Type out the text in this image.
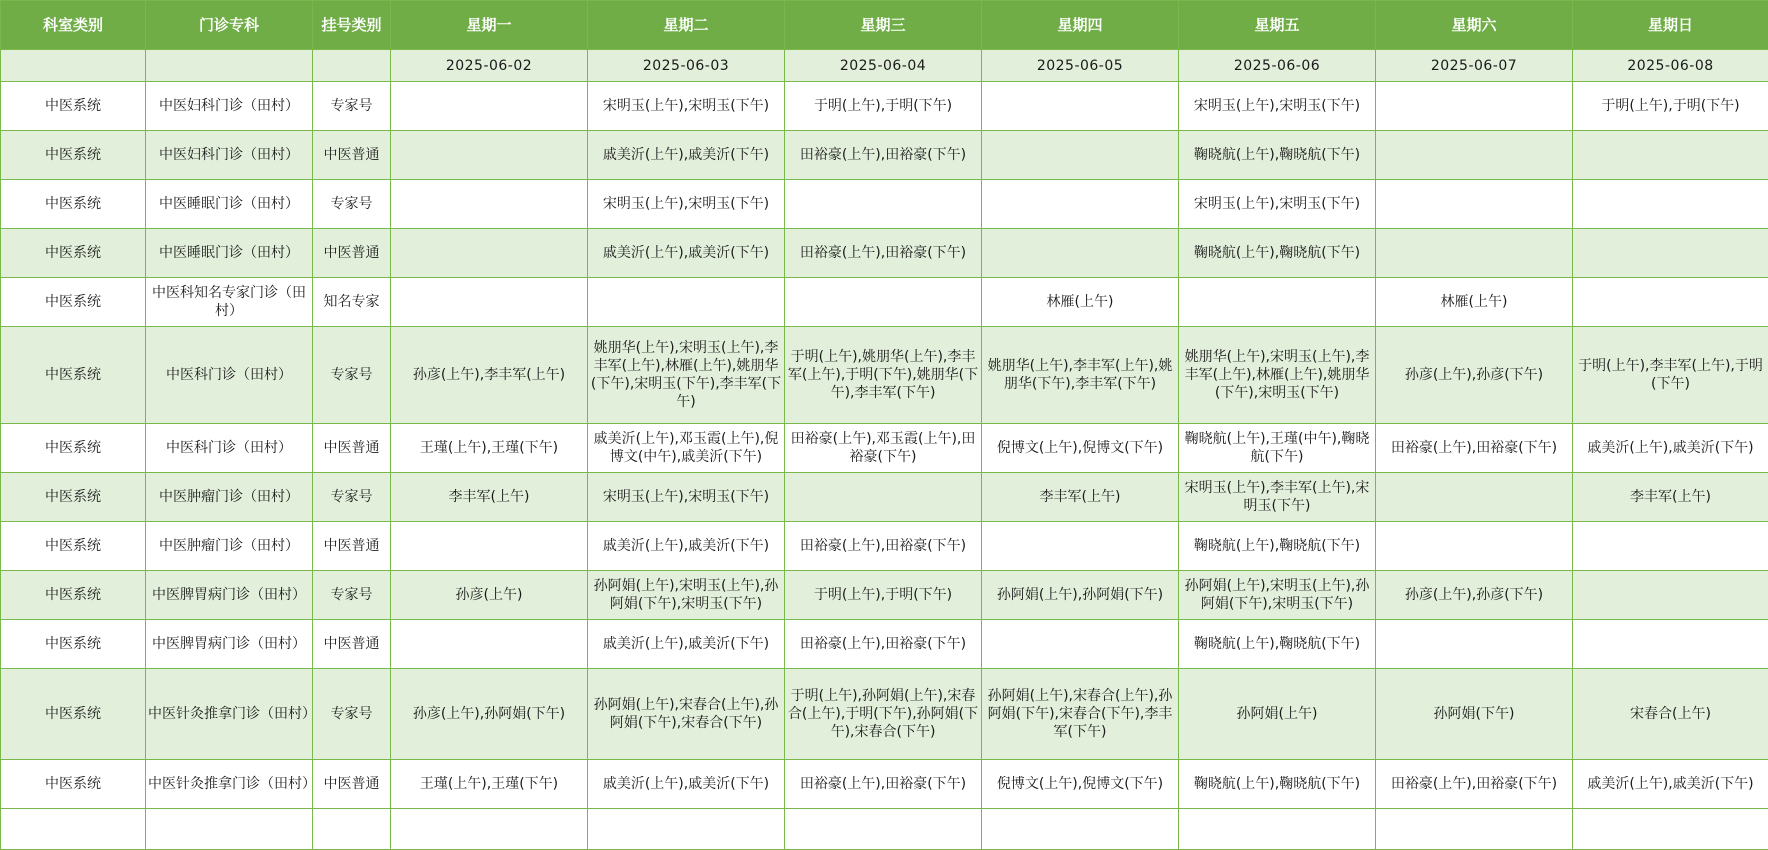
科室类别	门诊专科	挂号类别	星期一	星期二	星期三	星期四	星期五	星期六	星期日
			2025-06-02	2025-06-03	2025-06-04	2025-06-05	2025-06-06	2025-06-07	2025-06-08
中医系统	中医妇科门诊（田村）	专家号		宋明玉(上午),宋明玉(下午)	于明(上午),于明(下午)		宋明玉(上午),宋明玉(下午)		于明(上午),于明(下午)
中医系统	中医妇科门诊（田村）	中医普通		戚美沂(上午),戚美沂(下午)	田裕豪(上午),田裕豪(下午)		鞠晓航(上午),鞠晓航(下午)		
中医系统	中医睡眠门诊（田村）	专家号		宋明玉(上午),宋明玉(下午)			宋明玉(上午),宋明玉(下午)		
中医系统	中医睡眠门诊（田村）	中医普通		戚美沂(上午),戚美沂(下午)	田裕豪(上午),田裕豪(下午)		鞠晓航(上午),鞠晓航(下午)		
中医系统	中医科知名专家门诊（田村）	知名专家				林雁(上午)		林雁(上午)	
中医系统	中医科门诊（田村）	专家号	孙彦(上午),李丰军(上午)	姚朋华(上午),宋明玉(上午),李丰军(上午),林雁(上午),姚朋华(下午),宋明玉(下午),李丰军(下午)	于明(上午),姚朋华(上午),李丰军(上午),于明(下午),姚朋华(下午),李丰军(下午)	姚朋华(上午),李丰军(上午),姚朋华(下午),李丰军(下午)	姚朋华(上午),宋明玉(上午),李丰军(上午),林雁(上午),姚朋华(下午),宋明玉(下午)	孙彦(上午),孙彦(下午)	于明(上午),李丰军(上午),于明(下午)
中医系统	中医科门诊（田村）	中医普通	王瑾(上午),王瑾(下午)	戚美沂(上午),邓玉霞(上午),倪博文(中午),戚美沂(下午)	田裕豪(上午),邓玉霞(上午),田裕豪(下午)	倪博文(上午),倪博文(下午)	鞠晓航(上午),王瑾(中午),鞠晓航(下午)	田裕豪(上午),田裕豪(下午)	戚美沂(上午),戚美沂(下午)
中医系统	中医肿瘤门诊（田村）	专家号	李丰军(上午)	宋明玉(上午),宋明玉(下午)		李丰军(上午)	宋明玉(上午),李丰军(上午),宋明玉(下午)		李丰军(上午)
中医系统	中医肿瘤门诊（田村）	中医普通		戚美沂(上午),戚美沂(下午)	田裕豪(上午),田裕豪(下午)		鞠晓航(上午),鞠晓航(下午)		
中医系统	中医脾胃病门诊（田村）	专家号	孙彦(上午)	孙阿娟(上午),宋明玉(上午),孙阿娟(下午),宋明玉(下午)	于明(上午),于明(下午)	孙阿娟(上午),孙阿娟(下午)	孙阿娟(上午),宋明玉(上午),孙阿娟(下午),宋明玉(下午)	孙彦(上午),孙彦(下午)	
中医系统	中医脾胃病门诊（田村）	中医普通		戚美沂(上午),戚美沂(下午)	田裕豪(上午),田裕豪(下午)		鞠晓航(上午),鞠晓航(下午)		
中医系统	中医针灸推拿门诊（田村）	专家号	孙彦(上午),孙阿娟(下午)	孙阿娟(上午),宋春合(上午),孙阿娟(下午),宋春合(下午)	于明(上午),孙阿娟(上午),宋春合(上午),于明(下午),孙阿娟(下午),宋春合(下午)	孙阿娟(上午),宋春合(上午),孙阿娟(下午),宋春合(下午),李丰军(下午)	孙阿娟(上午)	孙阿娟(下午)	宋春合(上午)
中医系统	中医针灸推拿门诊（田村）	中医普通	王瑾(上午),王瑾(下午)	戚美沂(上午),戚美沂(下午)	田裕豪(上午),田裕豪(下午)	倪博文(上午),倪博文(下午)	鞠晓航(上午),鞠晓航(下午)	田裕豪(上午),田裕豪(下午)	戚美沂(上午),戚美沂(下午)
